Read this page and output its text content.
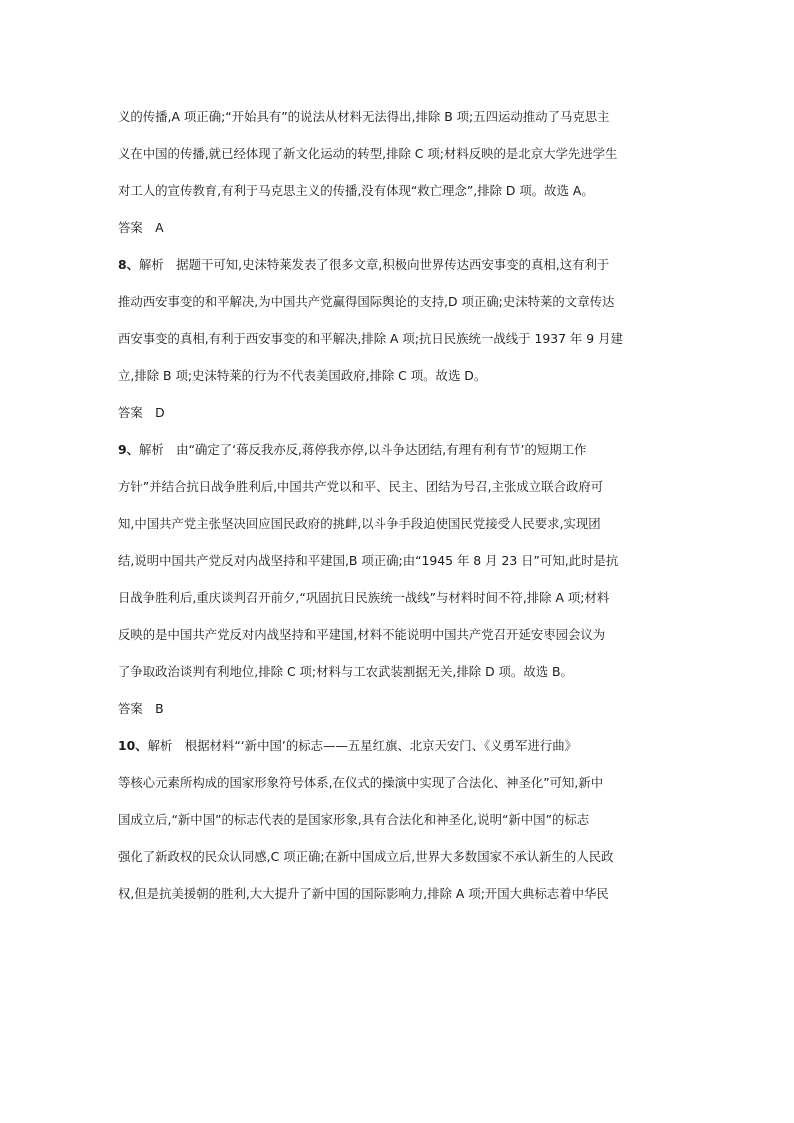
义的传播,A 项正确;“开始具有”的说法从材料无法得出,排除 B 项;五四运动推动了马克思主
义在中国的传播,就已经体现了新文化运动的转型,排除 C 项;材料反映的是北京大学先进学生
对工人的宣传教育,有利于马克思主义的传播,没有体现“救亡理念”,排除 D 项。故选 A。
答案　A
8、解析　据题干可知,史沫特莱发表了很多文章,积极向世界传达西安事变的真相,这有利于
推动西安事变的和平解决,为中国共产党赢得国际舆论的支持,D 项正确;史沫特莱的文章传达
西安事变的真相,有利于西安事变的和平解决,排除 A 项;抗日民族统一战线于 1937 年 9 月建
立,排除 B 项;史沫特莱的行为不代表美国政府,排除 C 项。故选 D。
答案　D
9、解析　由“确定了‘蒋反我亦反,蒋停我亦停,以斗争达团结,有理有利有节’的短期工作
方针”并结合抗日战争胜利后,中国共产党以和平、民主、团结为号召,主张成立联合政府可
知,中国共产党主张坚决回应国民政府的挑衅,以斗争手段迫使国民党接受人民要求,实现团
结,说明中国共产党反对内战坚持和平建国,B 项正确;由“1945 年 8 月 23 日”可知,此时是抗
日战争胜利后,重庆谈判召开前夕,“巩固抗日民族统一战线”与材料时间不符,排除 A 项;材料
反映的是中国共产党反对内战坚持和平建国,材料不能说明中国共产党召开延安枣园会议为
了争取政治谈判有利地位,排除 C 项;材料与工农武装割据无关,排除 D 项。故选 B。
答案　B
10、解析　根据材料“‘新中国’的标志——五星红旗、北京天安门、《义勇军进行曲》
等核心元素所构成的国家形象符号体系,在仪式的操演中实现了合法化、神圣化”可知,新中
国成立后,“新中国”的标志代表的是国家形象,具有合法化和神圣化,说明“新中国”的标志
强化了新政权的民众认同感,C 项正确;在新中国成立后,世界大多数国家不承认新生的人民政
权,但是抗美援朝的胜利,大大提升了新中国的国际影响力,排除 A 项;开国大典标志着中华民
